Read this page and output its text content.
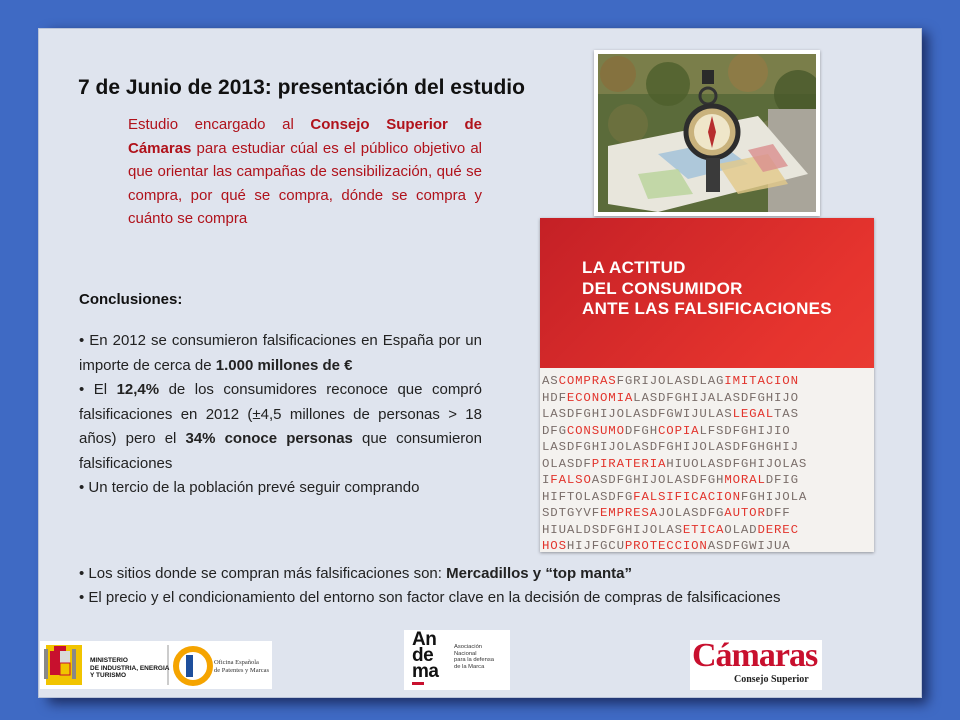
7 de Junio de 2013: presentación del estudio

Estudio encargado al Consejo Superior de Cámaras para estudiar cúal es el público objetivo al que orientar las campañas de sensibilización, qué se compra, por qué se compra, dónde se compra y cuánto se compra

Conclusiones:

• En 2012 se consumieron falsificaciones en España por un importe de cerca de 1.000 millones de €

• El 12,4% de los consumidores reconoce que compró falsificaciones en 2012 (±4,5 millones de personas > 18 años) pero el 34% conoce personas que consumieron falsificaciones

• Un tercio de la población prevé seguir comprando

• Los sitios donde se compran más falsificaciones son: Mercadillos y “top manta”

• El precio y el condicionamiento del entorno son factor clave en la decisión de compras de falsificaciones

LA ACTITUD
DEL CONSUMIDOR
ANTE LAS FALSIFICACIONES
ASCOMPRASFGRIJOLASDLAGIMITACION
HDFECONOMIALASDFGHIJALASDFGHIJO
LASDFGHIJOLASDFGWIJULASLEGALTAS
DFGCONSUMODFGHCOPIALFSDFGHIJIO
LASDFGHIJOLASDFGHIJOLASDFGHGHIJ
OLASDFPIRATERIAHIUOLASDFGHIJOLAS
IFALSOASDFGHIJOLASDFGHMORALDFIG
HIFTOLASDFGFALSIFICACIONFGHIJOLA
SDTGYVFEMPRESAJOLASDFGAUTORDFF
HIUALDSDFGHIJOLASETICAOLADDEREC
HOSHIJFGCUPROTECCIONASDFGWIJUA
MINISTERIO
DE INDUSTRIA, ENERGIA
Y TURISMO
Oficina Española
de Patentes y Marcas
An
de
ma
Asociación
Nacional
para la defensa
de la Marca	Cámaras
Consejo Superior
